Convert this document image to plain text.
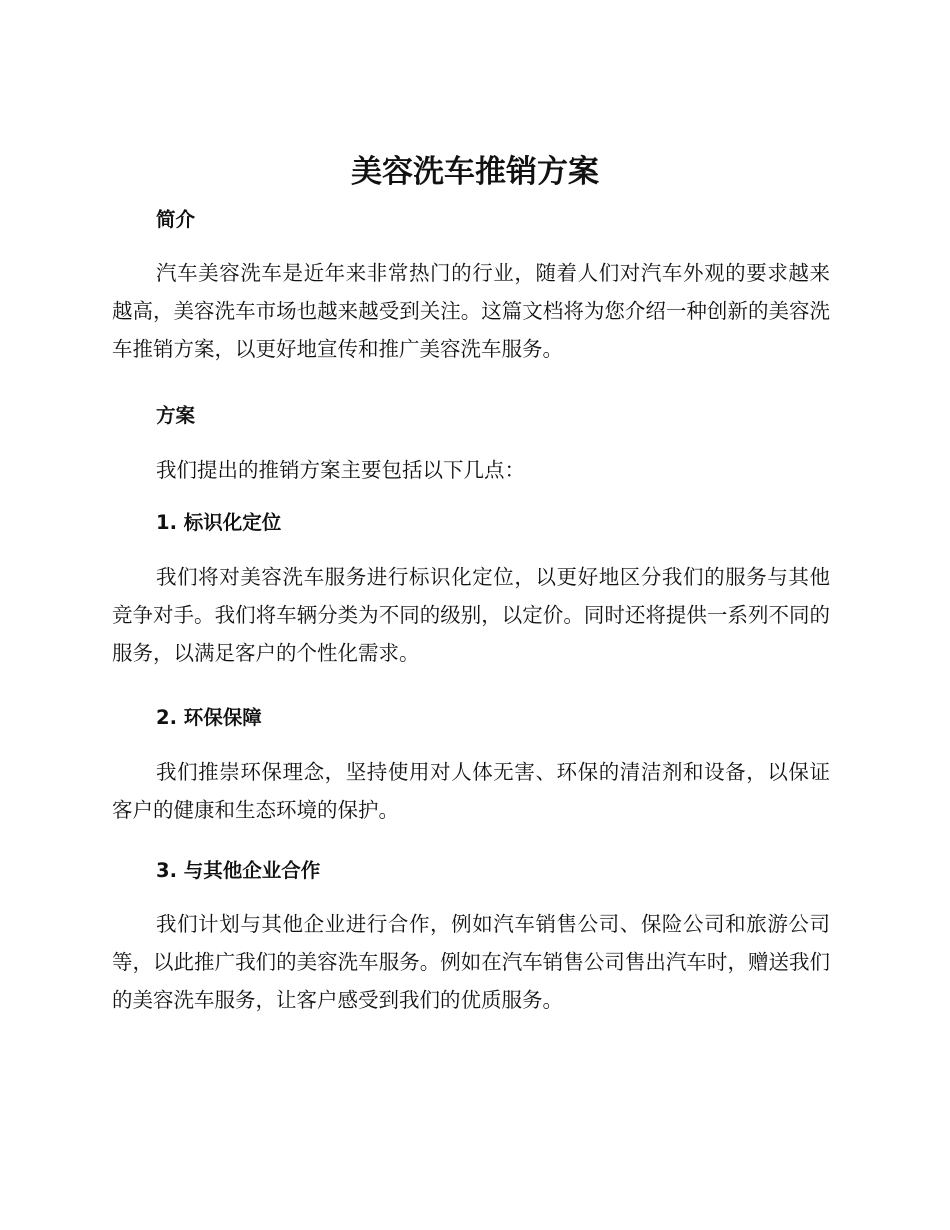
美容洗车推销方案
简介

汽车美容洗车是近年来非常热门的行业，随着人们对汽车外观的要求越来越高，美容洗车市场也越来越受到关注。这篇文档将为您介绍一种创新的美容洗车推销方案，以更好地宣传和推广美容洗车服务。

方案

我们提出的推销方案主要包括以下几点：

1. 标识化定位

我们将对美容洗车服务进行标识化定位，以更好地区分我们的服务与其他竞争对手。我们将车辆分类为不同的级别，以定价。同时还将提供一系列不同的服务，以满足客户的个性化需求。

2. 环保保障

我们推崇环保理念，坚持使用对人体无害、环保的清洁剂和设备，以保证客户的健康和生态环境的保护。

3. 与其他企业合作

我们计划与其他企业进行合作，例如汽车销售公司、保险公司和旅游公司等，以此推广我们的美容洗车服务。例如在汽车销售公司售出汽车时，赠送我们的美容洗车服务，让客户感受到我们的优质服务。
